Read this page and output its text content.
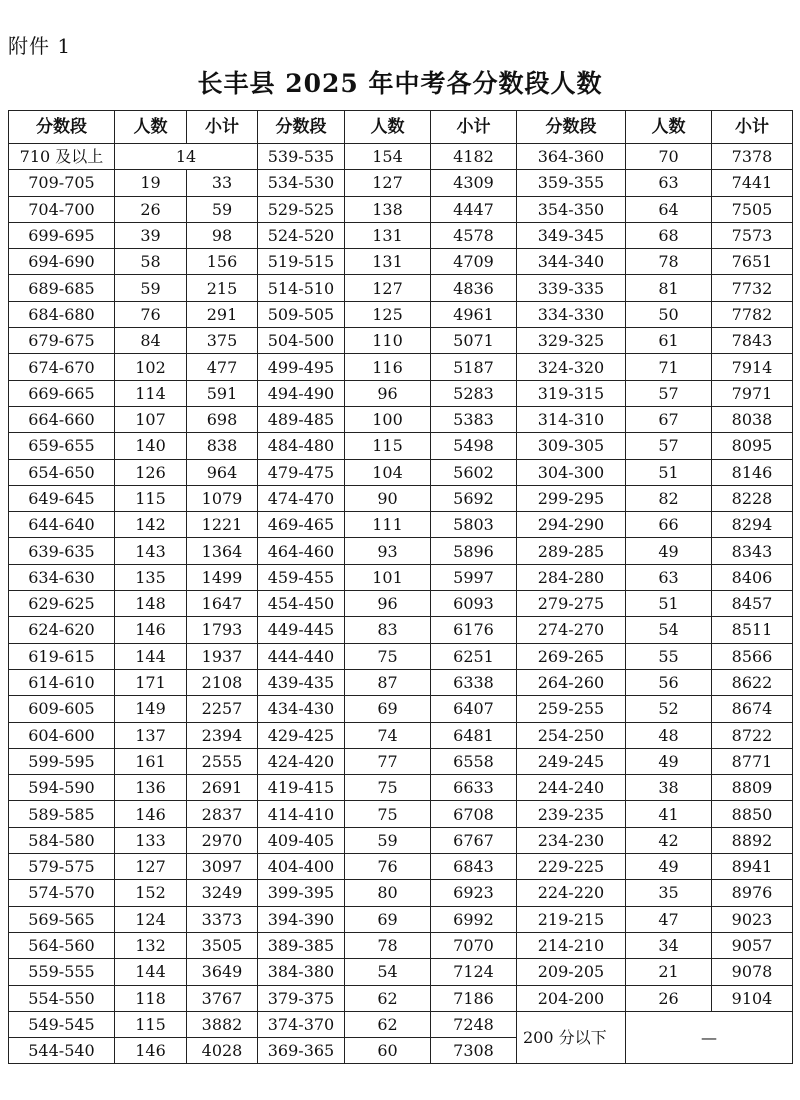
附件 1
长丰县 2025 年中考各分数段人数
分数段	人数	小计	分数段	人数	小计	分数段	人数	小计
710 及以上	14		539-535	154	4182	364-360	70	7378
709-705	19	33	534-530	127	4309	359-355	63	7441
704-700	26	59	529-525	138	4447	354-350	64	7505
699-695	39	98	524-520	131	4578	349-345	68	7573
694-690	58	156	519-515	131	4709	344-340	78	7651
689-685	59	215	514-510	127	4836	339-335	81	7732
684-680	76	291	509-505	125	4961	334-330	50	7782
679-675	84	375	504-500	110	5071	329-325	61	7843
674-670	102	477	499-495	116	5187	324-320	71	7914
669-665	114	591	494-490	96	5283	319-315	57	7971
664-660	107	698	489-485	100	5383	314-310	67	8038
659-655	140	838	484-480	115	5498	309-305	57	8095
654-650	126	964	479-475	104	5602	304-300	51	8146
649-645	115	1079	474-470	90	5692	299-295	82	8228
644-640	142	1221	469-465	111	5803	294-290	66	8294
639-635	143	1364	464-460	93	5896	289-285	49	8343
634-630	135	1499	459-455	101	5997	284-280	63	8406
629-625	148	1647	454-450	96	6093	279-275	51	8457
624-620	146	1793	449-445	83	6176	274-270	54	8511
619-615	144	1937	444-440	75	6251	269-265	55	8566
614-610	171	2108	439-435	87	6338	264-260	56	8622
609-605	149	2257	434-430	69	6407	259-255	52	8674
604-600	137	2394	429-425	74	6481	254-250	48	8722
599-595	161	2555	424-420	77	6558	249-245	49	8771
594-590	136	2691	419-415	75	6633	244-240	38	8809
589-585	146	2837	414-410	75	6708	239-235	41	8850
584-580	133	2970	409-405	59	6767	234-230	42	8892
579-575	127	3097	404-400	76	6843	229-225	49	8941
574-570	152	3249	399-395	80	6923	224-220	35	8976
569-565	124	3373	394-390	69	6992	219-215	47	9023
564-560	132	3505	389-385	78	7070	214-210	34	9057
559-555	144	3649	384-380	54	7124	209-205	21	9078
554-550	118	3767	379-375	62	7186	204-200	26	9104
549-545	115	3882	374-370	62	7248	200 分以下	—	
544-540	146	4028	369-365	60	7308			
